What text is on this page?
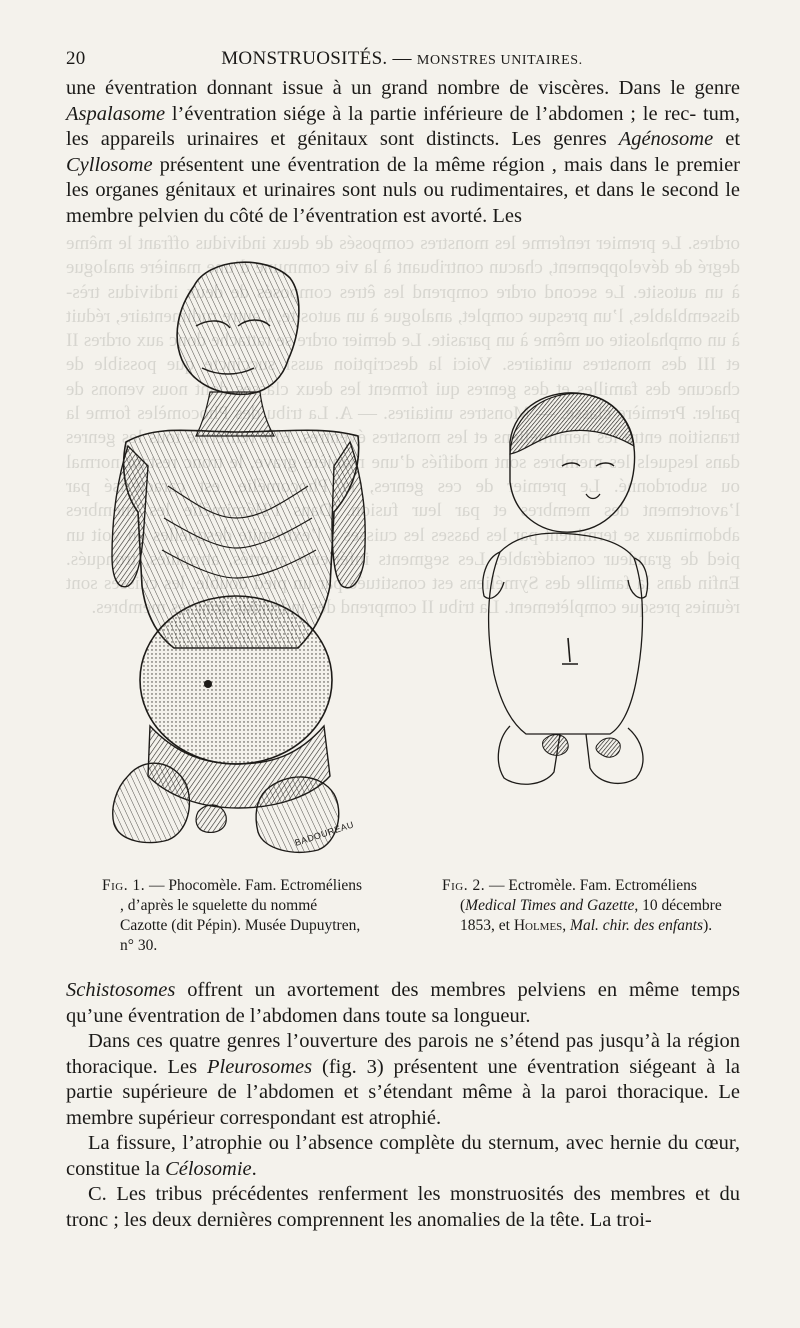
ordres. Le premier renferme les monstres composés de deux individus offrant le même degré de développement, chacun contribuant à la vie commune d’une manière analogue à un autosite. Le second ordre comprend les êtres composés de deux individus très-dissemblables, l’un presque complet, analogue à un autosite, l’autre rudimentaire, réduit à un omphalosite ou même à un parasite. Le dernier ordre se rattache donc aux ordres II et III des monstres unitaires. Voici la description aussi succincte que possible de chacune des familles et des genres qui forment les deux classes dont nous venons de parler. Première classe. — Monstres unitaires. — A. La tribu des Phocomèles forme la transition entre les hémiméliens et les monstres éventrés. Elle renferme tous les genres dans lesquels les membres sont modifiés d’une manière grave, le tronc restant normal ou subordonné. Le premier de ces genres, la Phocomélie, est caractérisé par l’avortement des membres et par leur fusion. Dans l’Hémimélie les membres abdominaux se terminent par les basses les cuisses à l’extrémité desquelles on voit un pied de grandeur considérable. Les segments inférieurs avortés, atrophiés, tronqués. Enfin dans la famille des Syméliens est constituée par un pied double, les cuisses sont réunies presque complètement. La tribu II comprend des individus dont les membres.
20	MONSTRUOSITÉS. — MONSTRES UNITAIRES.
une éventration donnant issue à un grand nombre de viscères. Dans le genre Aspalasome l’éventration siége à la partie inférieure de l’abdomen ; le rec- tum, les appareils urinaires et génitaux sont distincts. Les genres Agénosome et Cyllosome présentent une éventration de la même région , mais dans le premier les organes génitaux et urinaires sont nuls ou rudimentaires, et dans le second le membre pelvien du côté de l’éventration est avorté. Les
BADOUREAU
Fig. 1. — Phocomèle. Fam. Ectroméliens , d’après le squelette du nommé Cazotte (dit Pépin). Musée Dupuytren, n° 30.
Fig. 2. — Ectromèle. Fam. Ectroméliens (Medical Times and Gazette, 10 décembre 1853, et Holmes, Mal. chir. des enfants).
Schistosomes offrent un avortement des membres pelviens en même temps qu’une éventration de l’abdomen dans toute sa longueur.
Dans ces quatre genres l’ouverture des parois ne s’étend pas jusqu’à la région thoracique. Les Pleurosomes (fig. 3) présentent une éventration siégeant à la partie supérieure de l’abdomen et s’étendant même à la paroi thoracique. Le membre supérieur correspondant est atrophié.
La fissure, l’atrophie ou l’absence complète du sternum, avec hernie du cœur, constitue la Célosomie.
C. Les tribus précédentes renferment les monstruosités des membres et du tronc ; les deux dernières comprennent les anomalies de la tête. La troi-
